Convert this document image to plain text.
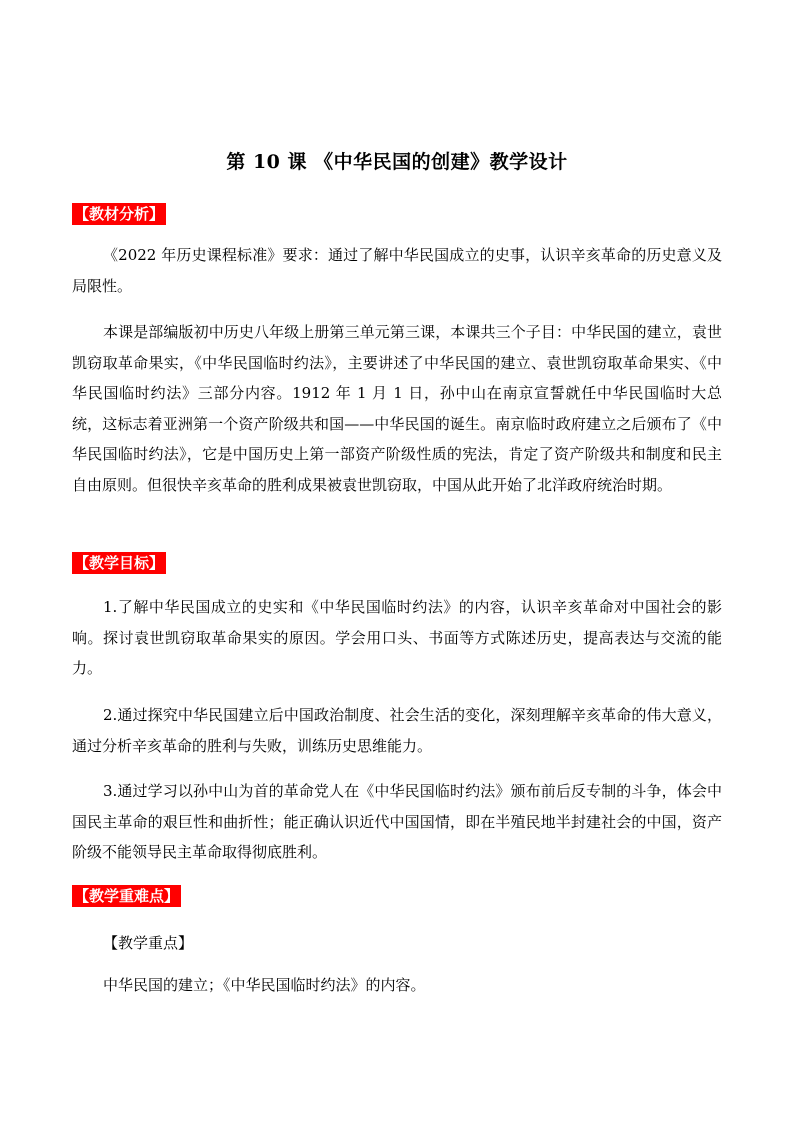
第 10 课 《中华民国的创建》教学设计
【教材分析】
《2022 年历史课程标准》要求：通过了解中华民国成立的史事，认识辛亥革命的历史意义及局限性。
本课是部编版初中历史八年级上册第三单元第三课，本课共三个子目：中华民国的建立，袁世凯窃取革命果实，《中华民国临时约法》，主要讲述了中华民国的建立、袁世凯窃取革命果实、《中华民国临时约法》三部分内容。1912 年 1 月 1 日，孙中山在南京宣誓就任中华民国临时大总统，这标志着亚洲第一个资产阶级共和国——中华民国的诞生。南京临时政府建立之后颁布了《中华民国临时约法》，它是中国历史上第一部资产阶级性质的宪法，肯定了资产阶级共和制度和民主自由原则。但很快辛亥革命的胜利成果被袁世凯窃取，中国从此开始了北洋政府统治时期。
【教学目标】
1.了解中华民国成立的史实和《中华民国临时约法》的内容，认识辛亥革命对中国社会的影响。探讨袁世凯窃取革命果实的原因。学会用口头、书面等方式陈述历史，提高表达与交流的能力。
2.通过探究中华民国建立后中国政治制度、社会生活的变化，深刻理解辛亥革命的伟大意义，通过分析辛亥革命的胜利与失败，训练历史思维能力。
3.通过学习以孙中山为首的革命党人在《中华民国临时约法》颁布前后反专制的斗争，体会中国民主革命的艰巨性和曲折性；能正确认识近代中国国情，即在半殖民地半封建社会的中国，资产阶级不能领导民主革命取得彻底胜利。
【教学重难点】
【教学重点】
中华民国的建立；《中华民国临时约法》的内容。
